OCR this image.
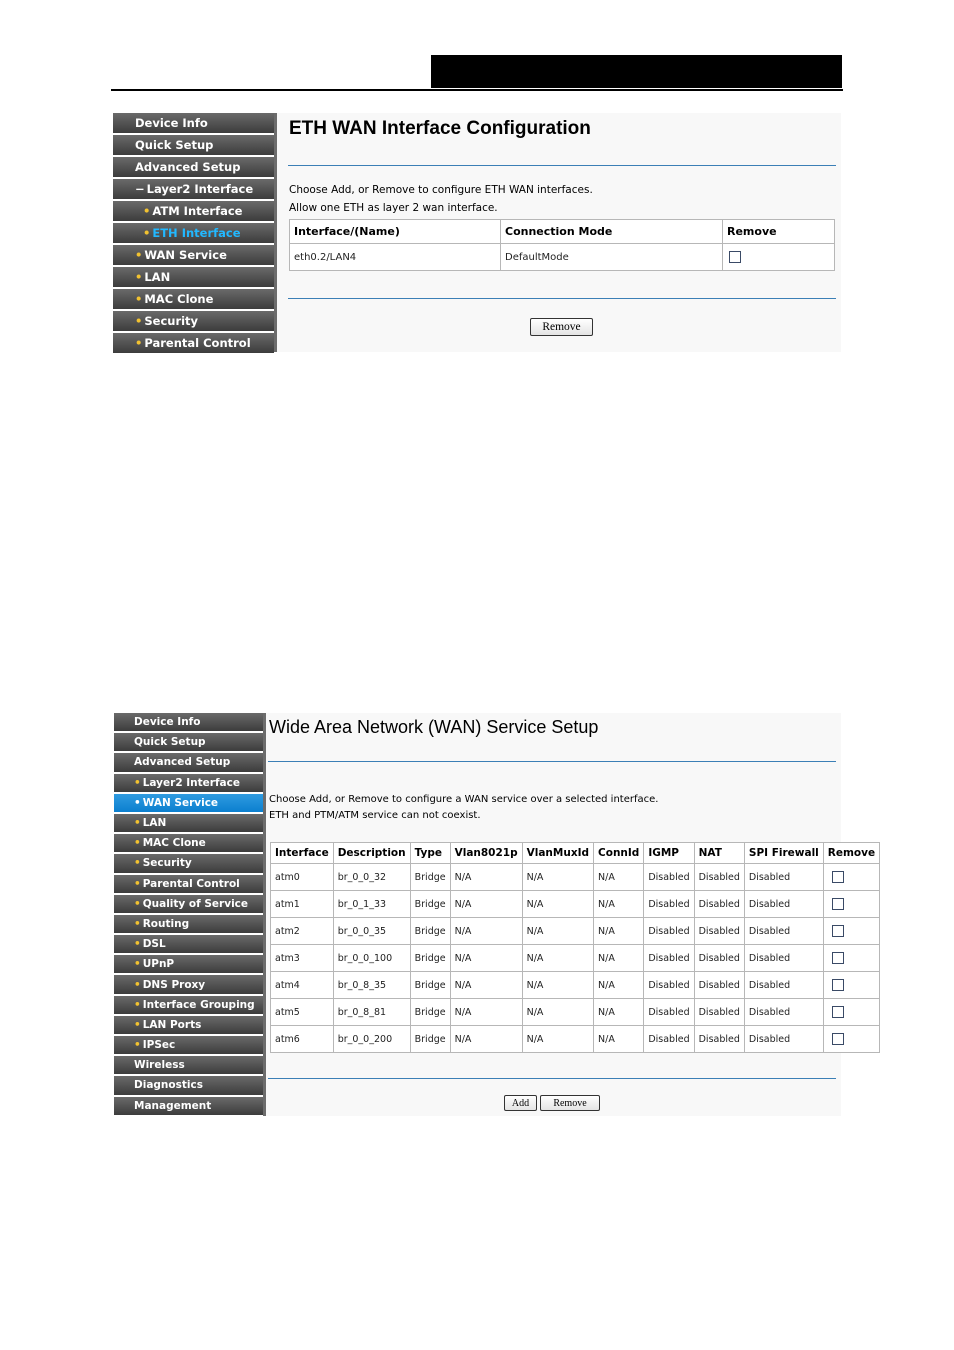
Device Info
Quick Setup
Advanced Setup
− Layer2 Interface
• ATM Interface
• ETH Interface
• WAN Service
• LAN
• MAC Clone
• Security
• Parental Control
ETH WAN Interface Configuration
Choose Add, or Remove to configure ETH WAN interfaces.
Allow one ETH as layer 2 wan interface.
Interface/(Name)	Connection Mode	Remove
eth0.2/LAN4	DefaultMode	
Remove
Device Info
Quick Setup
Advanced Setup
• Layer2 Interface
• WAN Service
• LAN
• MAC Clone
• Security
• Parental Control
• Quality of Service
• Routing
• DSL
• UPnP
• DNS Proxy
• Interface Grouping
• LAN Ports
• IPSec
Wireless
Diagnostics
Management
Wide Area Network (WAN) Service Setup
Choose Add, or Remove to configure a WAN service over a selected interface.
ETH and PTM/ATM service can not coexist.
Interface	Description	Type	Vlan8021p	VlanMuxId	ConnId	IGMP	NAT	SPI Firewall	Remove
atm0	br_0_0_32	Bridge	N/A	N/A	N/A	Disabled	Disabled	Disabled	
atm1	br_0_1_33	Bridge	N/A	N/A	N/A	Disabled	Disabled	Disabled	
atm2	br_0_0_35	Bridge	N/A	N/A	N/A	Disabled	Disabled	Disabled	
atm3	br_0_0_100	Bridge	N/A	N/A	N/A	Disabled	Disabled	Disabled	
atm4	br_0_8_35	Bridge	N/A	N/A	N/A	Disabled	Disabled	Disabled	
atm5	br_0_8_81	Bridge	N/A	N/A	N/A	Disabled	Disabled	Disabled	
atm6	br_0_0_200	Bridge	N/A	N/A	N/A	Disabled	Disabled	Disabled	
Add	Remove
